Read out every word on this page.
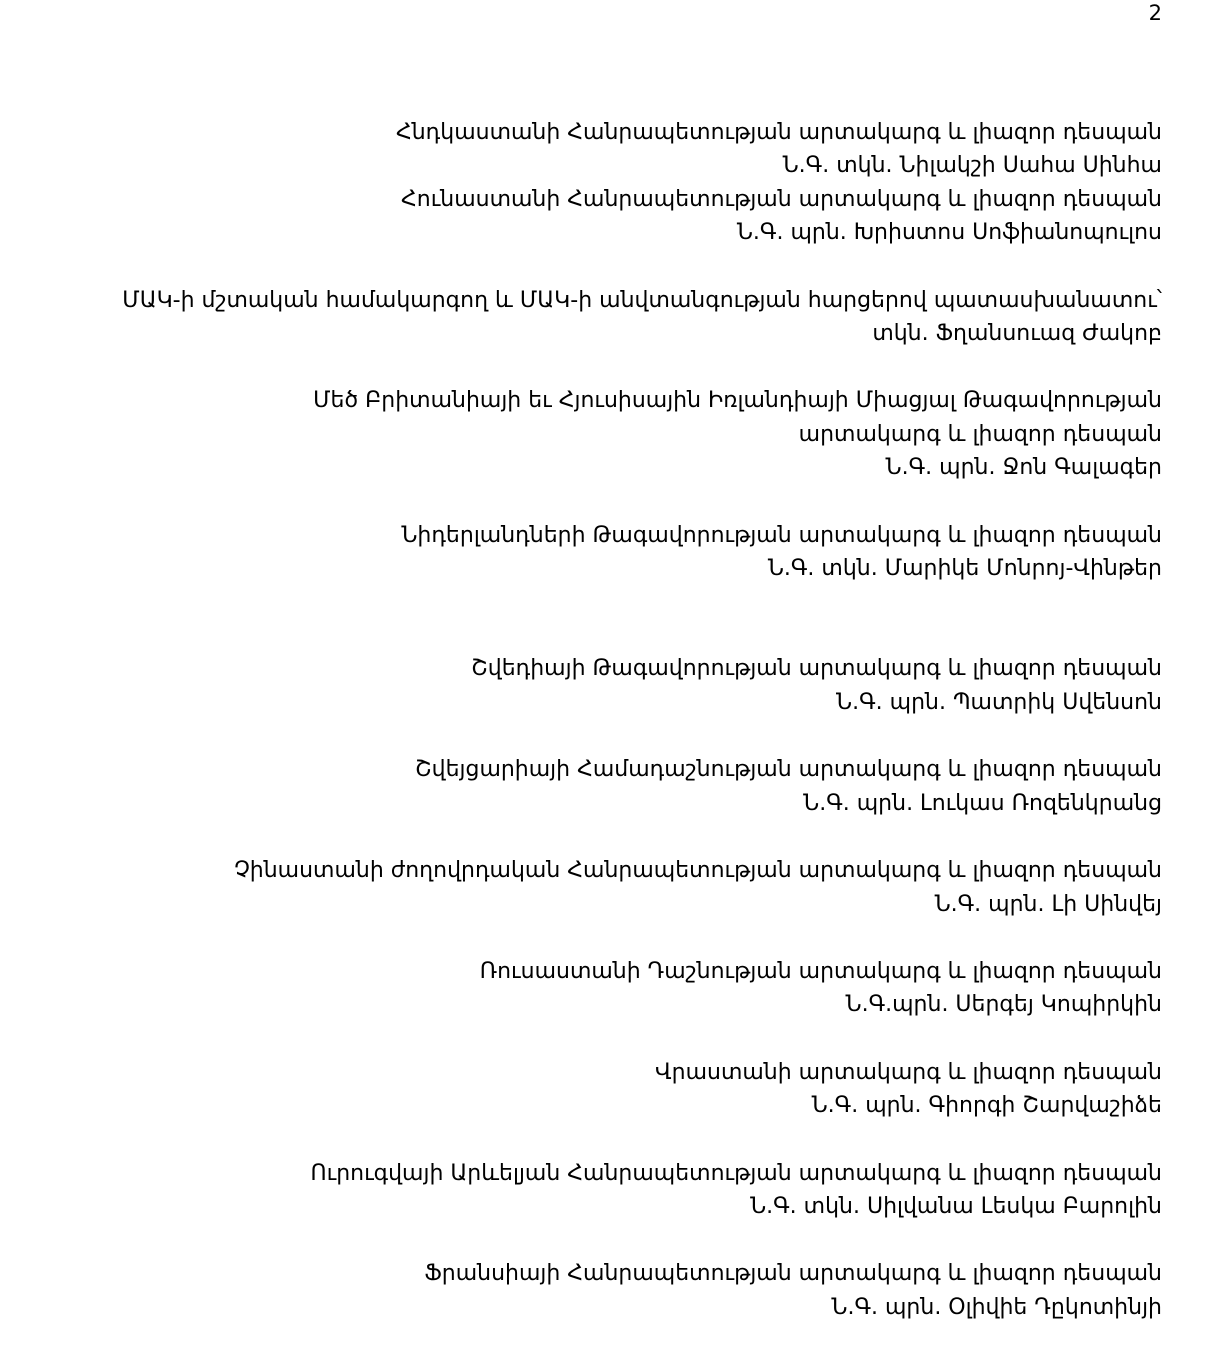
2
Հնդկաստանի Հանրապետության արտակարգ և լիազոր դեսպան
Ն.Գ. տկն. Նիլակշի Սահա Սինհա
Հունաստանի Հանրապետության արտակարգ և լիազոր դեսպան
Ն.Գ. պրն. Խրիստոս Սոֆիանոպուլոս
ՄԱԿ-ի մշտական համակարգող և ՄԱԿ-ի անվտանգության հարցերով պատասխանատու՝
տկն. Ֆղանսուազ Ժակոբ
Մեծ Բրիտանիայի եւ Հյուսիսային Իռլանդիայի Միացյալ Թագավորության
արտակարգ և լիազոր դեսպան
Ն.Գ. պրն. Ջոն Գալագեր
Նիդերլանդների Թագավորության արտակարգ և լիազոր դեսպան
Ն.Գ. տկն. Մարիկե Մոնրոյ-Վինթեր
Շվեդիայի Թագավորության արտակարգ և լիազոր դեսպան
Ն.Գ. պրն. Պատրիկ Սվենսոն
Շվեյցարիայի Համադաշնության արտակարգ և լիազոր դեսպան
Ն.Գ. պրն. Լուկաս Ռոզենկրանց
Չինաստանի ժողովրդական Հանրապետության արտակարգ և լիազոր դեսպան
Ն.Գ. պրն. Լի Սինվեյ
Ռուսաստանի Դաշնության արտակարգ և լիազոր դեսպան
Ն.Գ.պրն. Սերգեյ Կոպիրկին
Վրաստանի արտակարգ և լիազոր դեսպան
Ն.Գ. պրն. Գիորգի Շարվաշիձե
Ուրուգվայի Արևելյան Հանրապետության արտակարգ և լիազոր դեսպան
Ն.Գ. տկն. Սիլվանա Լեսկա Բարոլին
Ֆրանսիայի Հանրապետության արտակարգ և լիազոր դեսպան
Ն.Գ. պրն. Օլիվիե Դըկոտինյի
